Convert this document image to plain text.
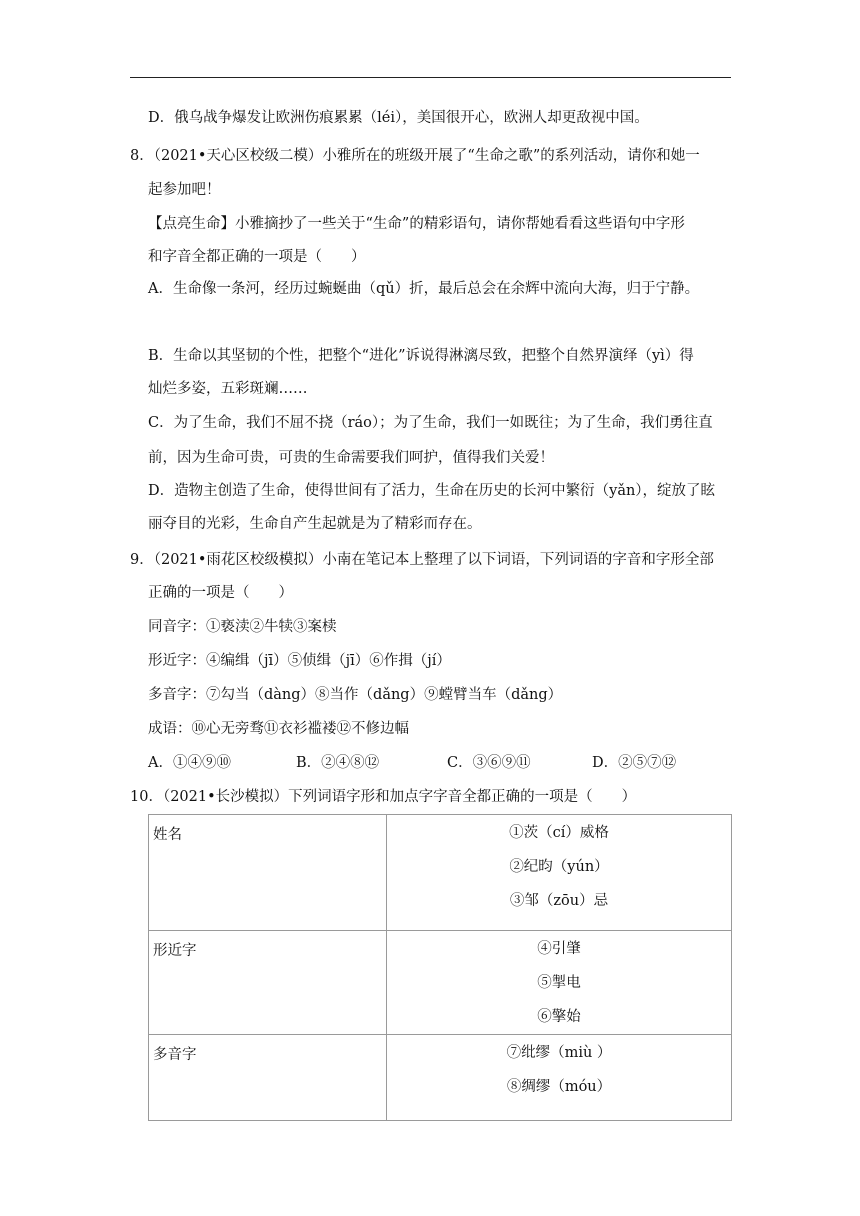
D．俄乌战争爆发让欧洲伤痕累累（léi），美国很开心，欧洲人却更敌视中国。
8．（2021•天心区校级二模）小雅所在的班级开展了“生命之歌”的系列活动，请你和她一
起参加吧！
【点亮生命】小雅摘抄了一些关于“生命”的精彩语句，请你帮她看看这些语句中字形
和字音全都正确的一项是（　　）
A．生命像一条河，经历过蜿蜒曲（qǔ）折，最后总会在余辉中流向大海，归于宁静。
B．生命以其坚韧的个性，把整个“进化”诉说得淋漓尽致，把整个自然界演绎（yì）得
灿烂多姿，五彩斑斓……
C．为了生命，我们不屈不挠（ráo）；为了生命，我们一如既往；为了生命，我们勇往直
前，因为生命可贵，可贵的生命需要我们呵护，值得我们关爱！
D．造物主创造了生命，使得世间有了活力，生命在历史的长河中繁衍（yǎn），绽放了眩
丽夺目的光彩，生命自产生起就是为了精彩而存在。
9．（2021•雨花区校级模拟）小南在笔记本上整理了以下词语，下列词语的字音和字形全部
正确的一项是（　　）
同音字：①亵渎②牛犊③案椟
形近字：④编缉（jī）⑤侦缉（jī）⑥作揖（jí）
多音字：⑦勾当（dàng）⑧当作（dǎng）⑨螳臂当车（dǎng）
成语：⑩心无旁骛⑪衣衫褴褛⑫不修边幅
A．①④⑨⑩	B．②④⑧⑫	C．③⑥⑨⑪	D．②⑤⑦⑫
10．（2021•长沙模拟）下列词语字形和加点字字音全都正确的一项是（　　）
姓名	①茨（cí）威格
②纪昀（yún）
③邹（zōu）忌

形近字	④引肇
⑤掣电
⑥擎始

多音字	⑦纰缪（miù ）
⑧绸缪（móu）
